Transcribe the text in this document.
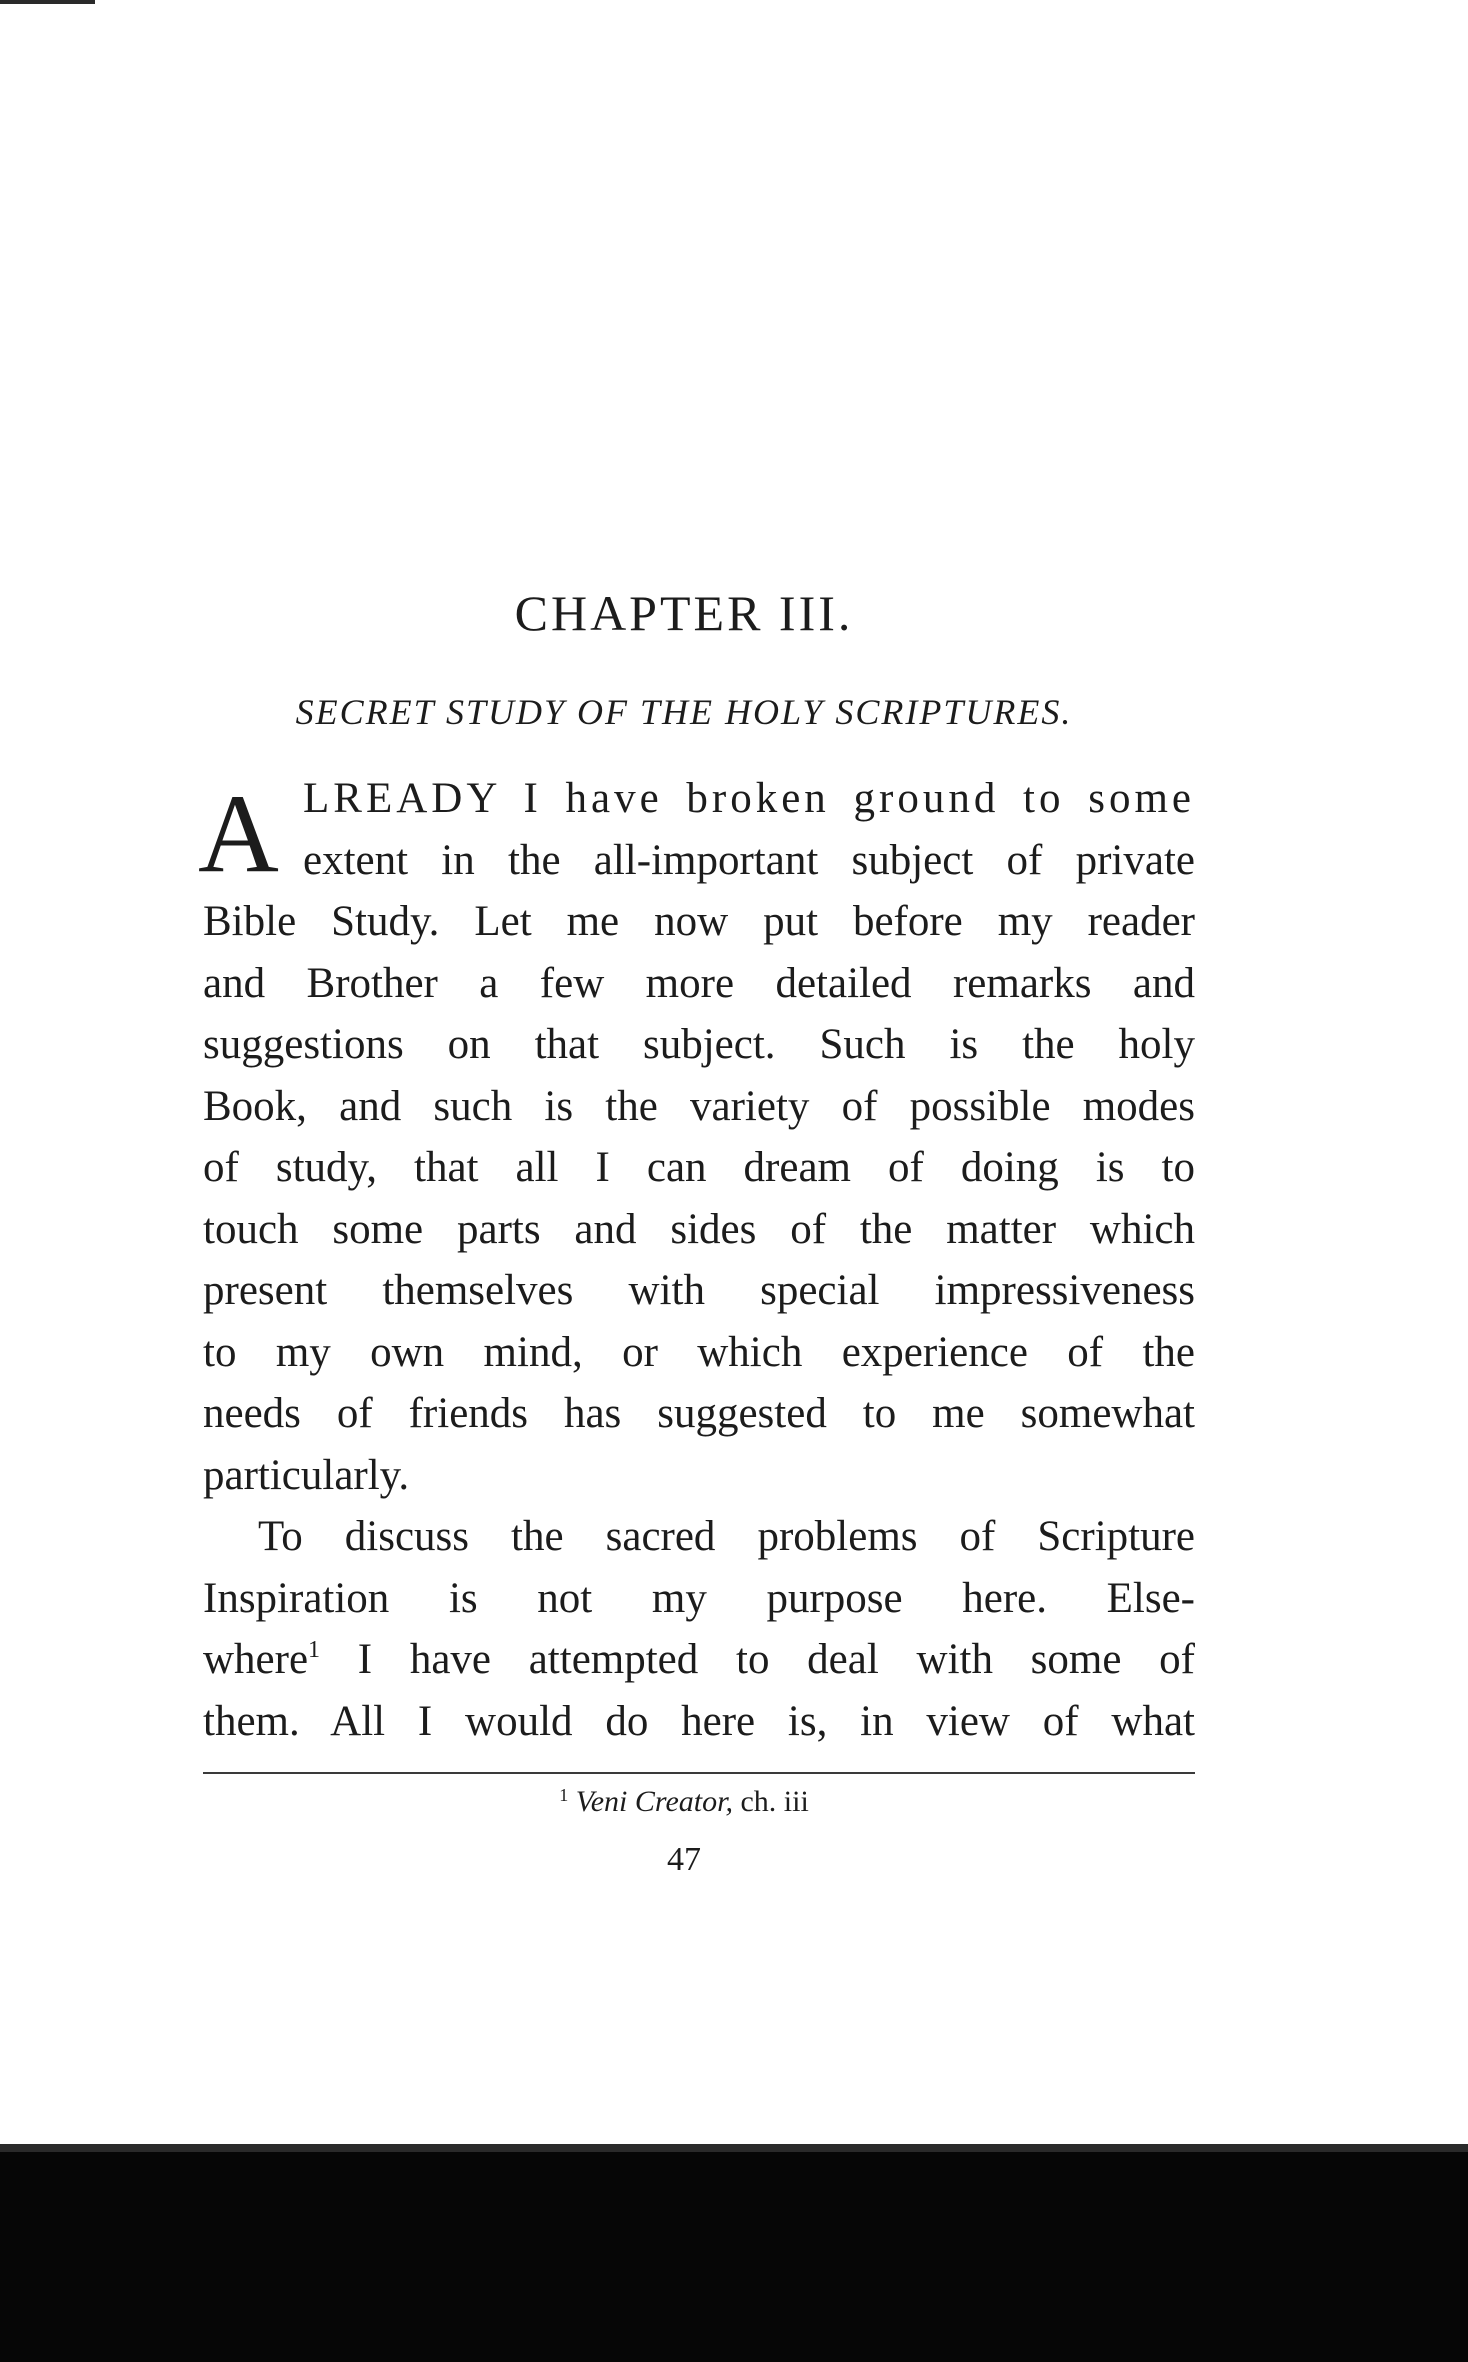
CHAPTER III.
SECRET STUDY OF THE HOLY SCRIPTURES.
A LREADY I have broken ground to some
extent in the all-important subject of private
Bible Study. Let me now put before my reader
and Brother a few more detailed remarks and
suggestions on that subject. Such is the holy
Book, and such is the variety of possible modes
of study, that all I can dream of doing is to
touch some parts and sides of the matter which
present themselves with special impressiveness
to my own mind, or which experience of the
needs of friends has suggested to me somewhat
particularly.
To discuss the sacred problems of Scripture
Inspiration is not my purpose here. Else-
where$^1$ I have attempted to deal with some of
them. All I would do here is, in view of what
$^1$ Veni Creator, ch. iii
47
